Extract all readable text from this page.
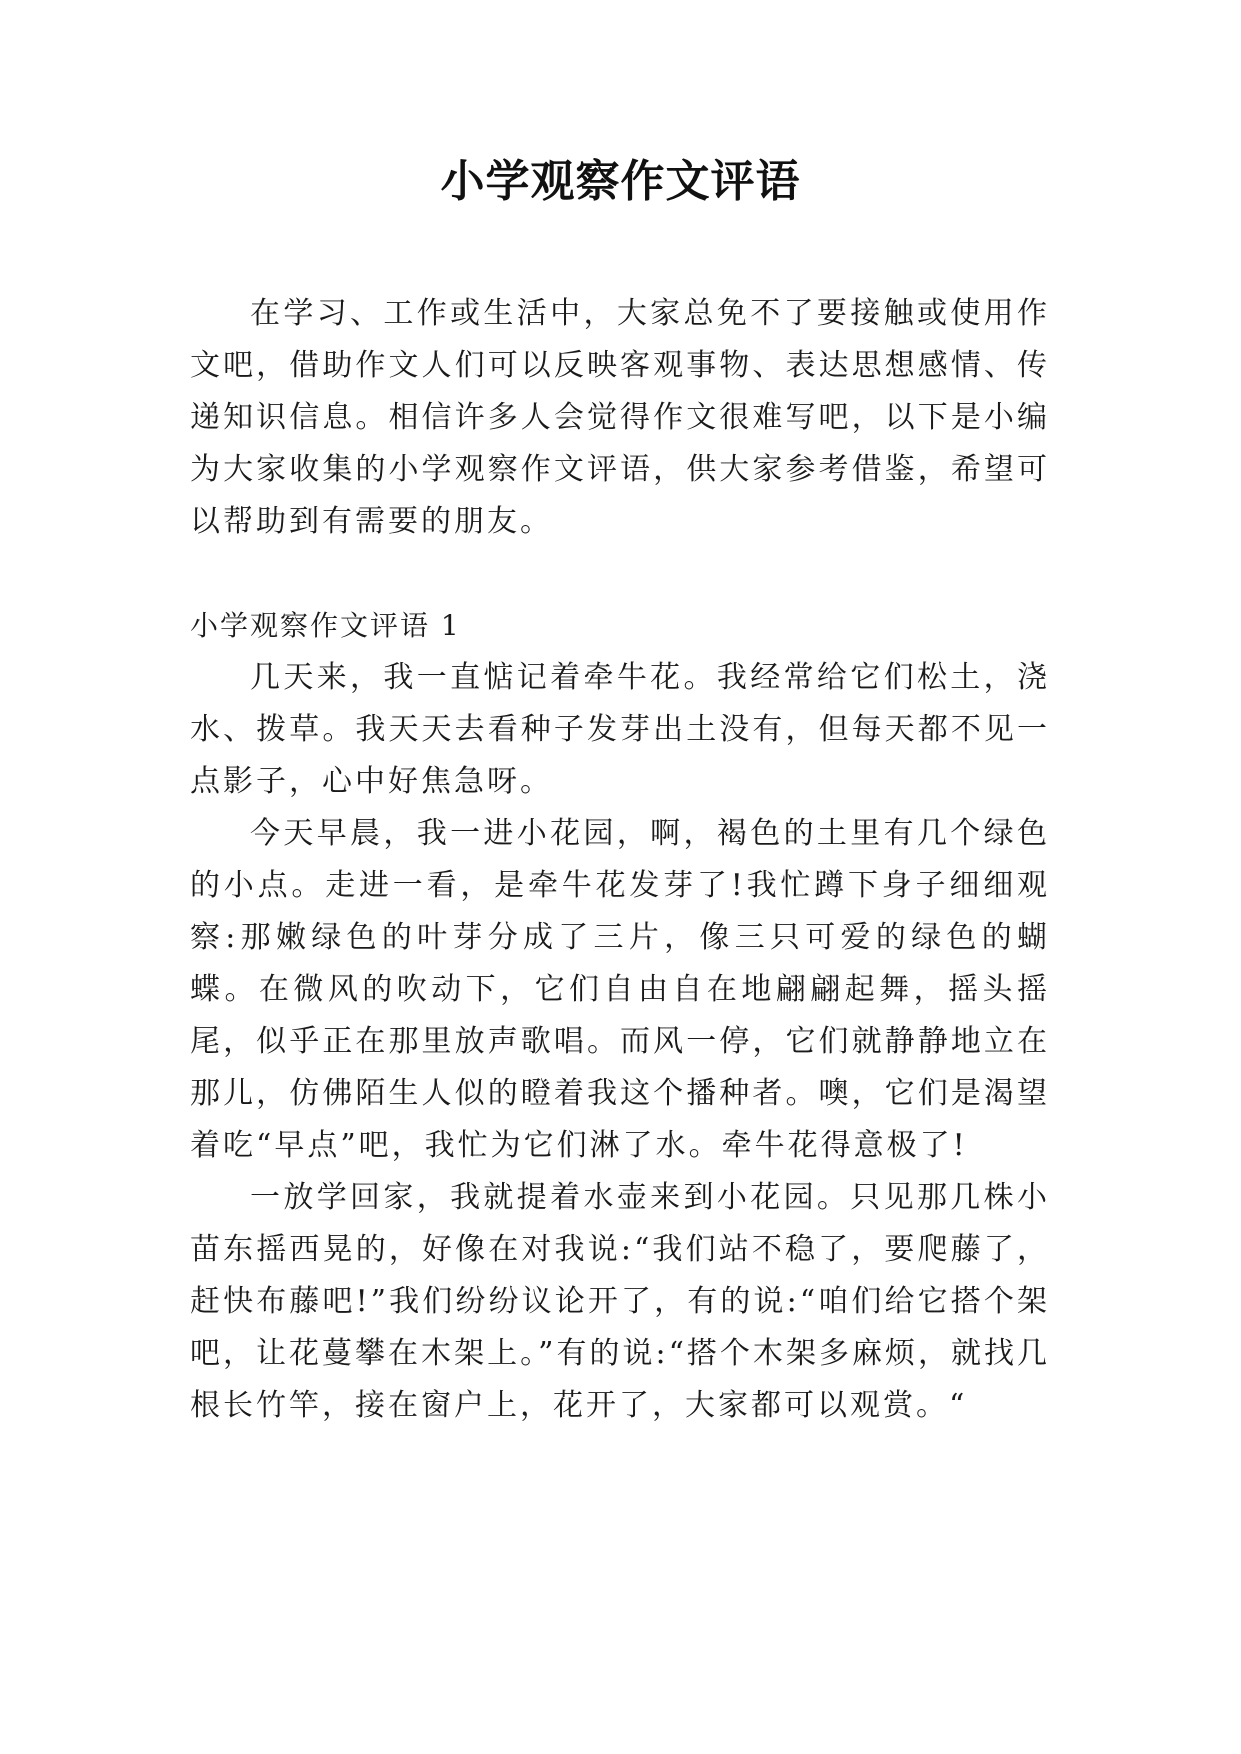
小学观察作文评语

在学习、工作或生活中，大家总免不了要接触或使用作文吧，借助作文人们可以反映客观事物、表达思想感情、传递知识信息。相信许多人会觉得作文很难写吧，以下是小编为大家收集的小学观察作文评语，供大家参考借鉴，希望可以帮助到有需要的朋友。

小学观察作文评语 1

几天来，我一直惦记着牵牛花。我经常给它们松土，浇水、拨草。我天天去看种子发芽出土没有，但每天都不见一点影子，心中好焦急呀。

今天早晨，我一进小花园，啊，褐色的土里有几个绿色的小点。走进一看，是牵牛花发芽了!我忙蹲下身子细细观察:那嫩绿色的叶芽分成了三片，像三只可爱的绿色的蝴蝶。在微风的吹动下，它们自由自在地翩翩起舞，摇头摇尾，似乎正在那里放声歌唱。而风一停，它们就静静地立在那儿，仿佛陌生人似的瞪着我这个播种者。噢，它们是渴望着吃“早点”吧，我忙为它们淋了水。牵牛花得意极了!

一放学回家，我就提着水壶来到小花园。只见那几株小苗东摇西晃的，好像在对我说:“我们站不稳了，要爬藤了，赶快布藤吧!”我们纷纷议论开了，有的说:“咱们给它搭个架吧，让花蔓攀在木架上。”有的说:“搭个木架多麻烦，就找几根长竹竿，接在窗户上，花开了，大家都可以观赏。“
